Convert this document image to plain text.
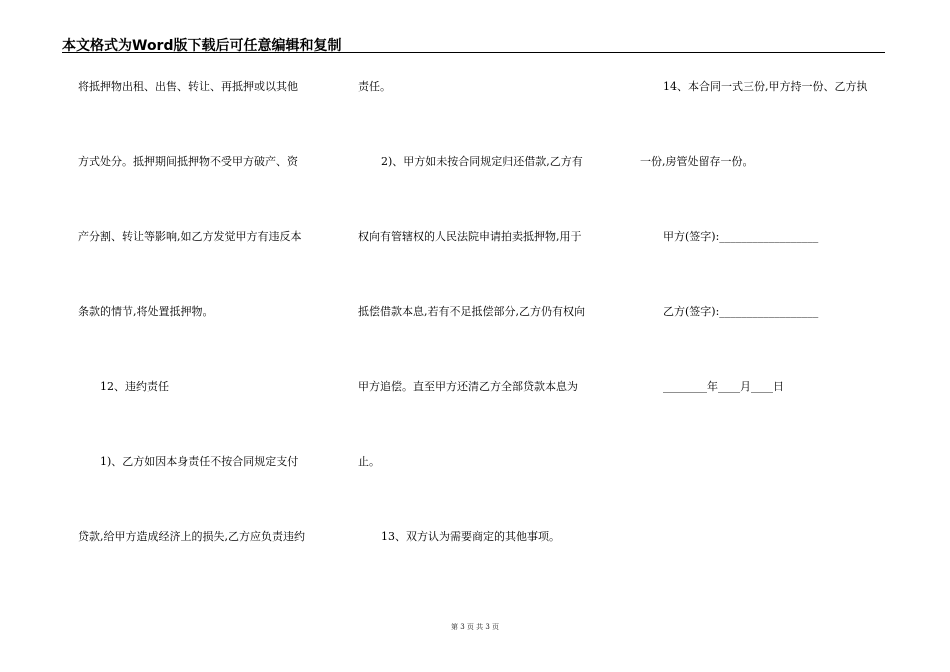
本文格式为Word版下载后可任意编辑和复制
将抵押物出租、出售、转让、再抵押或以其他
方式处分。抵押期间抵押物不受甲方破产、资
产分割、转让等影响,如乙方发觉甲方有违反本
条款的情节,将处置抵押物。
12、违约责任
1)、乙方如因本身责任不按合同规定支付
贷款,给甲方造成经济上的损失,乙方应负责违约
责任。
2)、甲方如未按合同规定归还借款,乙方有
权向有管辖权的人民法院申请拍卖抵押物,用于
抵偿借款本息,若有不足抵偿部分,乙方仍有权向
甲方追偿。直至甲方还清乙方全部贷款本息为
止。
13、双方认为需要商定的其他事项。
14、本合同一式三份,甲方持一份、乙方执
一份,房管处留存一份。
甲方(签字):__________________
乙方(签字):__________________
________年____月____日
第 3 页 共 3 页
